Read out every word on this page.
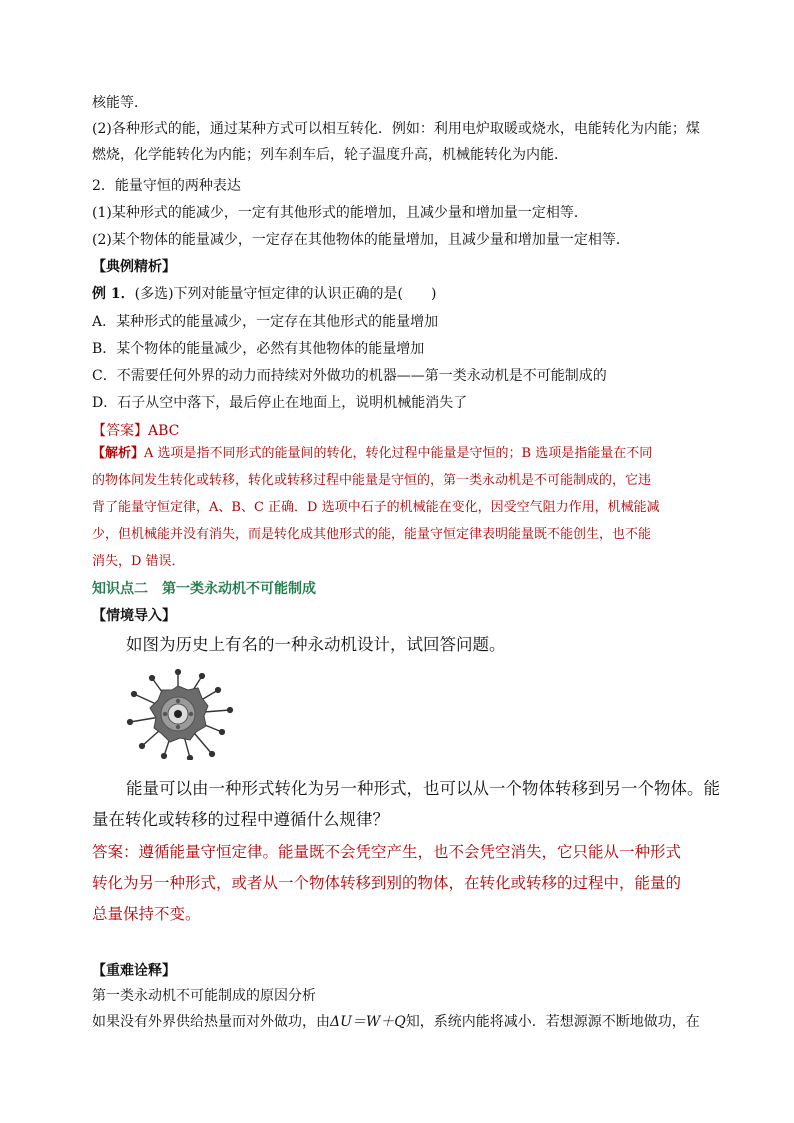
核能等．
(2)各种形式的能，通过某种方式可以相互转化．例如：利用电炉取暖或烧水，电能转化为内能；煤
燃烧，化学能转化为内能；列车刹车后，轮子温度升高，机械能转化为内能．
2．能量守恒的两种表达
(1)某种形式的能减少，一定有其他形式的能增加，且减少量和增加量一定相等．
(2)某个物体的能量减少，一定存在其他物体的能量增加，且减少量和增加量一定相等．
【典例精析】
例 1．(多选)下列对能量守恒定律的认识正确的是(　　)
A．某种形式的能量减少，一定存在其他形式的能量增加
B．某个物体的能量减少，必然有其他物体的能量增加
C．不需要任何外界的动力而持续对外做功的机器——第一类永动机是不可能制成的
D．石子从空中落下，最后停止在地面上，说明机械能消失了
【答案】ABC
【解析】A 选项是指不同形式的能量间的转化，转化过程中能量是守恒的；B 选项是指能量在不同
的物体间发生转化或转移，转化或转移过程中能量是守恒的，第一类永动机是不可能制成的，它违
背了能量守恒定律，A、B、C 正确．D 选项中石子的机械能在变化，因受空气阻力作用，机械能减
少，但机械能并没有消失，而是转化成其他形式的能，能量守恒定律表明能量既不能创生，也不能
消失，D 错误．
知识点二　第一类永动机不可能制成
【情境导入】
如图为历史上有名的一种永动机设计，试回答问题。
能量可以由一种形式转化为另一种形式，也可以从一个物体转移到另一个物体。能
量在转化或转移的过程中遵循什么规律？
答案：遵循能量守恒定律。能量既不会凭空产生，也不会凭空消失，它只能从一种形式
转化为另一种形式，或者从一个物体转移到别的物体，在转化或转移的过程中，能量的
总量保持不变。
【重难诠释】
第一类永动机不可能制成的原因分析
如果没有外界供给热量而对外做功，由ΔU＝W＋Q知，系统内能将减小．若想源源不断地做功，在
